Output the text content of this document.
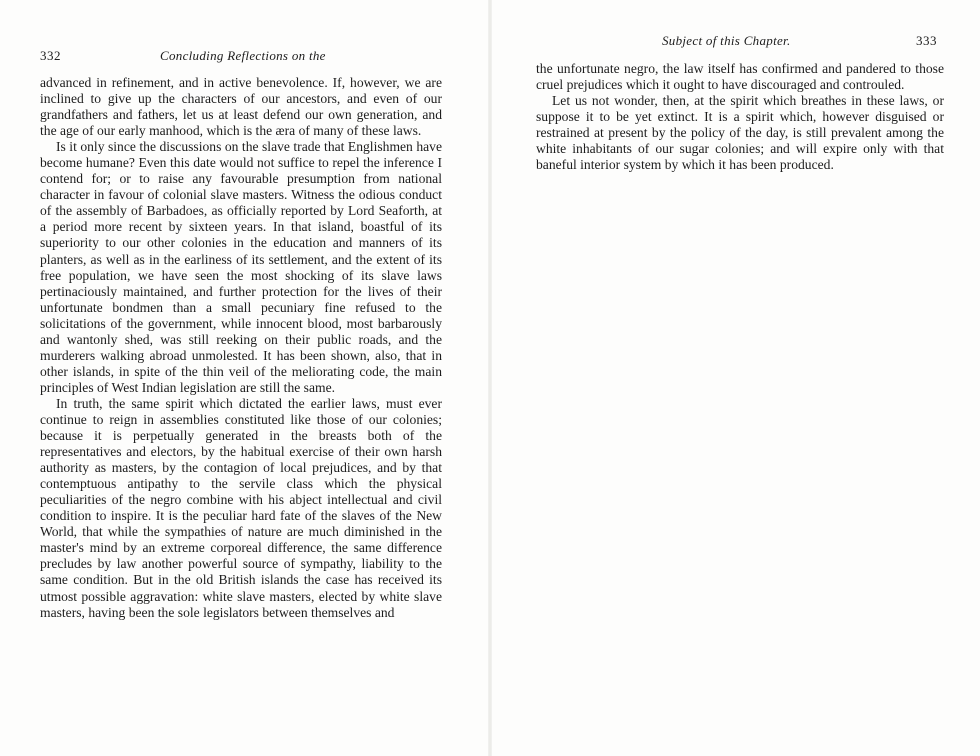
332	Concluding Reflections on the

advanced in refinement, and in active benevolence. If, however, we are inclined to give up the characters of our ancestors, and even of our grandfathers and fathers, let us at least defend our own generation, and the age of our early manhood, which is the æra of many of these laws.

Is it only since the discussions on the slave trade that Englishmen have become humane? Even this date would not suffice to repel the inference I contend for; or to raise any favourable presumption from national character in favour of colonial slave masters. Witness the odious conduct of the assembly of Barbadoes, as officially reported by Lord Seaforth, at a period more recent by sixteen years. In that island, boastful of its superiority to our other colonies in the education and manners of its planters, as well as in the earliness of its settlement, and the extent of its free population, we have seen the most shocking of its slave laws pertinaciously maintained, and further protection for the lives of their unfortunate bondmen than a small pecuniary fine refused to the solicitations of the government, while innocent blood, most barbarously and wantonly shed, was still reeking on their public roads, and the murderers walking abroad unmolested. It has been shown, also, that in other islands, in spite of the thin veil of the meliorating code, the main principles of West Indian legislation are still the same.

In truth, the same spirit which dictated the earlier laws, must ever continue to reign in assemblies constituted like those of our colonies; because it is perpetually generated in the breasts both of the representatives and electors, by the habitual exercise of their own harsh authority as masters, by the contagion of local prejudices, and by that contemptuous antipathy to the servile class which the physical peculiarities of the negro combine with his abject intellectual and civil condition to inspire. It is the peculiar hard fate of the slaves of the New World, that while the sympathies of nature are much diminished in the master's mind by an extreme corporeal difference, the same difference precludes by law another powerful source of sympathy, liability to the same condition. But in the old British islands the case has received its utmost possible aggravation: white slave masters, elected by white slave masters, having been the sole legislators between themselves and

Subject of this Chapter.	333

the unfortunate negro, the law itself has confirmed and pandered to those cruel prejudices which it ought to have discouraged and controuled.

Let us not wonder, then, at the spirit which breathes in these laws, or suppose it to be yet extinct. It is a spirit which, however disguised or restrained at present by the policy of the day, is still prevalent among the white inhabitants of our sugar colonies; and will expire only with that baneful interior system by which it has been produced.
